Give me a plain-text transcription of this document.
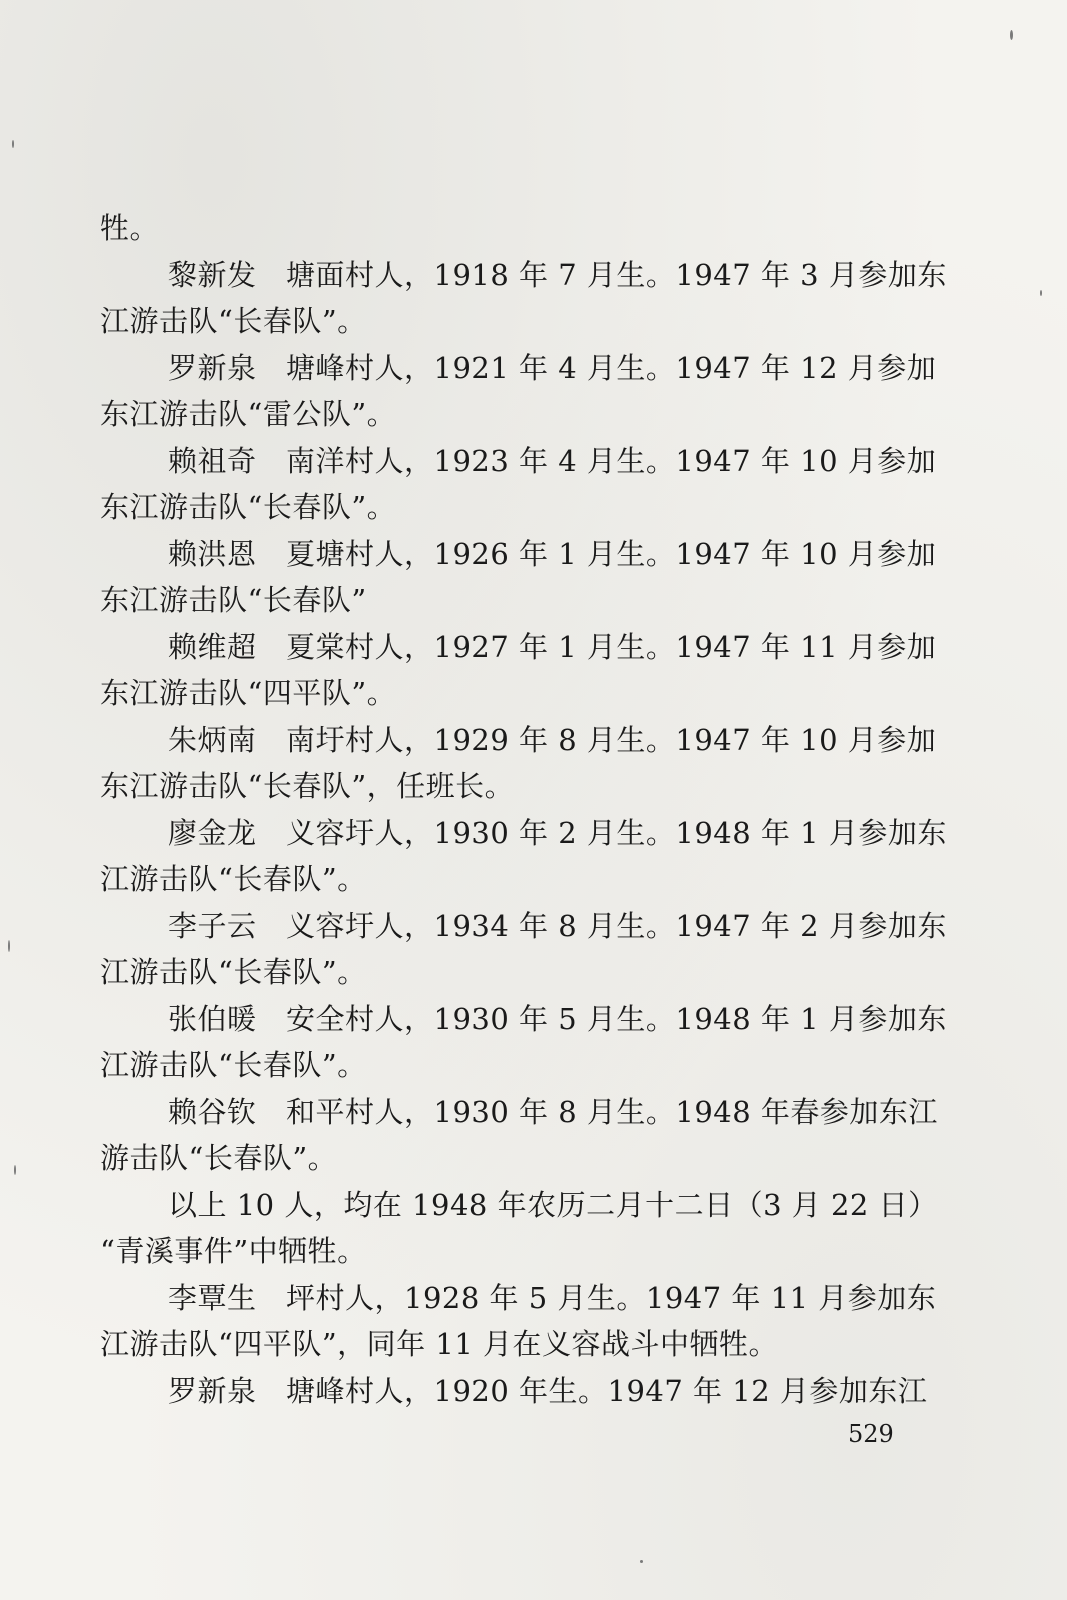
牲。
黎新发 塘面村人，1918 年 7 月生。1947 年 3 月参加东
江游击队“长春队”。
罗新泉 塘峰村人，1921 年 4 月生。1947 年 12 月参加
东江游击队“雷公队”。
赖祖奇 南洋村人，1923 年 4 月生。1947 年 10 月参加
东江游击队“长春队”。
赖洪恩 夏塘村人，1926 年 1 月生。1947 年 10 月参加
东江游击队“长春队”
赖维超 夏棠村人，1927 年 1 月生。1947 年 11 月参加
东江游击队“四平队”。
朱炳南 南圩村人，1929 年 8 月生。1947 年 10 月参加
东江游击队“长春队”，任班长。
廖金龙 义容圩人，1930 年 2 月生。1948 年 1 月参加东
江游击队“长春队”。
李子云 义容圩人，1934 年 8 月生。1947 年 2 月参加东
江游击队“长春队”。
张伯暖 安全村人，1930 年 5 月生。1948 年 1 月参加东
江游击队“长春队”。
赖谷钦 和平村人，1930 年 8 月生。1948 年春参加东江
游击队“长春队”。
以上 10 人，均在 1948 年农历二月十二日（3 月 22 日）
“青溪事件”中牺牲。
李覃生 坪村人，1928 年 5 月生。1947 年 11 月参加东
江游击队“四平队”，同年 11 月在义容战斗中牺牲。
罗新泉 塘峰村人，1920 年生。1947 年 12 月参加东江
529
